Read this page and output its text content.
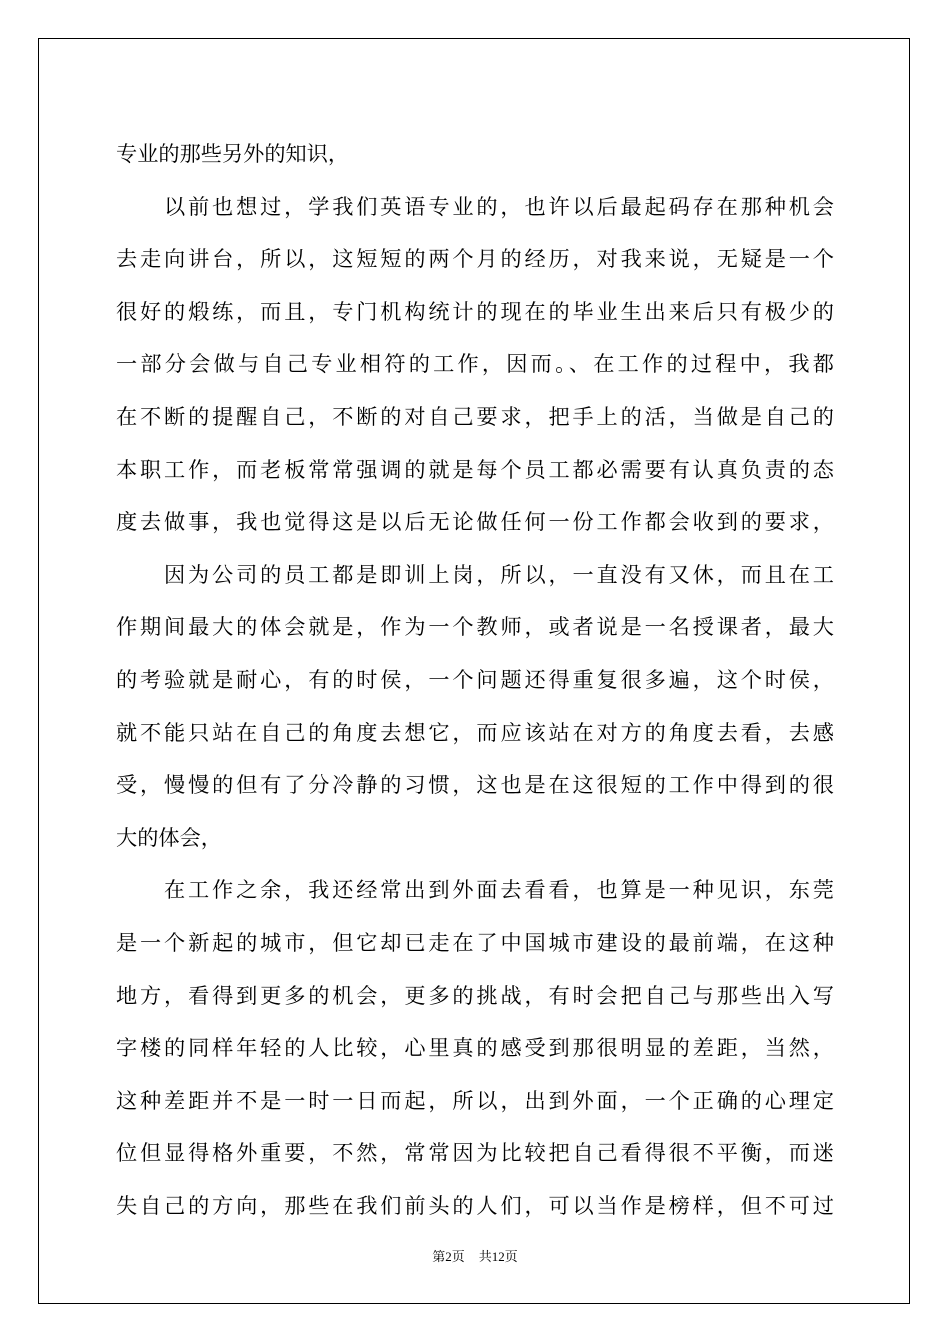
专业的那些另外的知识，
以前也想过，学我们英语专业的，也许以后最起码存在那种机会
去走向讲台，所以，这短短的两个月的经历，对我来说，无疑是一个
很好的煅练，而且，专门机构统计的现在的毕业生出来后只有极少的
一部分会做与自己专业相符的工作，因而。、在工作的过程中，我都
在不断的提醒自己，不断的对自己要求，把手上的活，当做是自己的
本职工作，而老板常常强调的就是每个员工都必需要有认真负责的态
度去做事，我也觉得这是以后无论做任何一份工作都会收到的要求，
因为公司的员工都是即训上岗，所以，一直没有又休，而且在工
作期间最大的体会就是，作为一个教师，或者说是一名授课者，最大
的考验就是耐心，有的时侯，一个问题还得重复很多遍，这个时侯，
就不能只站在自己的角度去想它，而应该站在对方的角度去看，去感
受，慢慢的但有了分冷静的习惯，这也是在这很短的工作中得到的很
大的体会，
在工作之余，我还经常出到外面去看看，也算是一种见识，东莞
是一个新起的城市，但它却已走在了中国城市建设的最前端，在这种
地方，看得到更多的机会，更多的挑战，有时会把自己与那些出入写
字楼的同样年轻的人比较，心里真的感受到那很明显的差距，当然，
这种差距并不是一时一日而起，所以，出到外面，一个正确的心理定
位但显得格外重要，不然，常常因为比较把自己看得很不平衡，而迷
失自己的方向，那些在我们前头的人们，可以当作是榜样，但不可过
第2页 共12页
